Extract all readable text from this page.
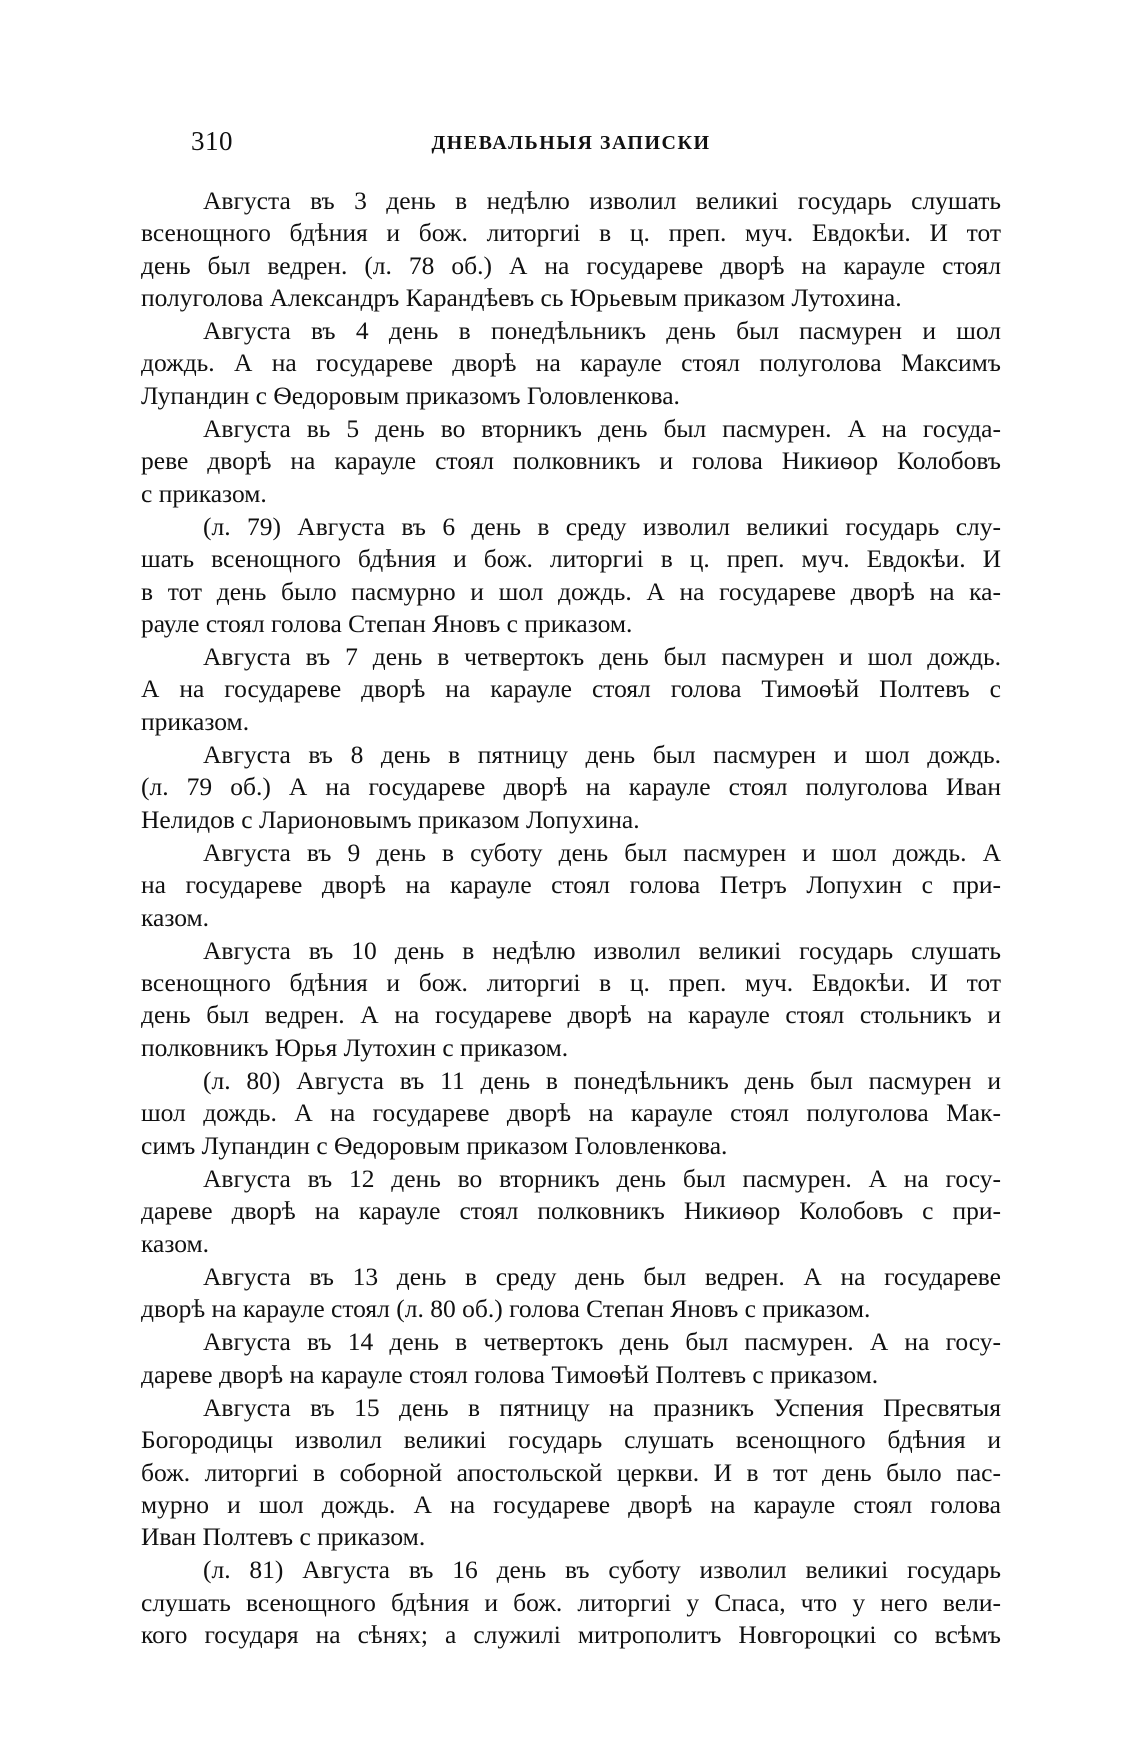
310	ДНЕВАЛЬНЫЯ ЗАПИСКИ
Августа въ 3 день в недѣлю изволил великиі государь слушать
всенощного бдѣния и бож. литоргиі в ц. преп. муч. Евдокѣи. И тот
день был ведрен. (л. 78 об.) А на государеве дворѣ на карауле стоял
полуголова Александръ Карандѣевъ сь Юрьевым приказом Лутохина.
Августа въ 4 день в понедѣльникъ день был пасмурен и шол
дождь. А на государеве дворѣ на карауле стоял полуголова Максимъ
Лупандин с Ѳедоровым приказомъ Головленкова.
Августа вь 5 день во вторникъ день был пасмурен. А на госуда-
реве дворѣ на карауле стоял полковникъ и голова Никиѳор Колобовъ
с приказом.
(л. 79) Августа въ 6 день в среду изволил великиі государь слу-
шать всенощного бдѣния и бож. литоргиі в ц. преп. муч. Евдокѣи. И
в тот день было пасмурно и шол дождь. А на государеве дворѣ на ка-
рауле стоял голова Степан Яновъ с приказом.
Августа въ 7 день в четвертокъ день был пасмурен и шол дождь.
А на государеве дворѣ на карауле стоял голова Тимоѳѣй Полтевъ с
приказом.
Августа въ 8 день в пятницу день был пасмурен и шол дождь.
(л. 79 об.) А на государеве дворѣ на карауле стоял полуголова Иван
Нелидов с Ларионовымъ приказом Лопухина.
Августа въ 9 день в суботу день был пасмурен и шол дождь. А
на государеве дворѣ на карауле стоял голова Петръ Лопухин с при-
казом.
Августа въ 10 день в недѣлю изволил великиі государь слушать
всенощного бдѣния и бож. литоргиі в ц. преп. муч. Евдокѣи. И тот
день был ведрен. А на государеве дворѣ на карауле стоял стольникъ и
полковникъ Юрья Лутохин с приказом.
(л. 80) Августа въ 11 день в понедѣльникъ день был пасмурен и
шол дождь. А на государеве дворѣ на карауле стоял полуголова Мак-
симъ Лупандин с Ѳедоровым приказом Головленкова.
Августа въ 12 день во вторникъ день был пасмурен. А на госу-
дареве дворѣ на карауле стоял полковникъ Никиѳор Колобовъ с при-
казом.
Августа въ 13 день в среду день был ведрен. А на государеве
дворѣ на карауле стоял (л. 80 об.) голова Степан Яновъ с приказом.
Августа въ 14 день в четвертокъ день был пасмурен. А на госу-
дареве дворѣ на карауле стоял голова Тимоѳѣй Полтевъ с приказом.
Августа въ 15 день в пятницу на празникъ Успения Пресвятыя
Богородицы изволил великиі государь слушать всенощного бдѣния и
бож. литоргиі в соборной апостольской церкви. И в тот день было пас-
мурно и шол дождь. А на государеве дворѣ на карауле стоял голова
Иван Полтевъ с приказом.
(л. 81) Августа въ 16 день въ суботу изволил великиі государь
слушать всенощного бдѣния и бож. литоргиі у Спаса, что у него вели-
кого государя на сѣнях; а служилі митрополитъ Новгороцкиі со всѣмъ
